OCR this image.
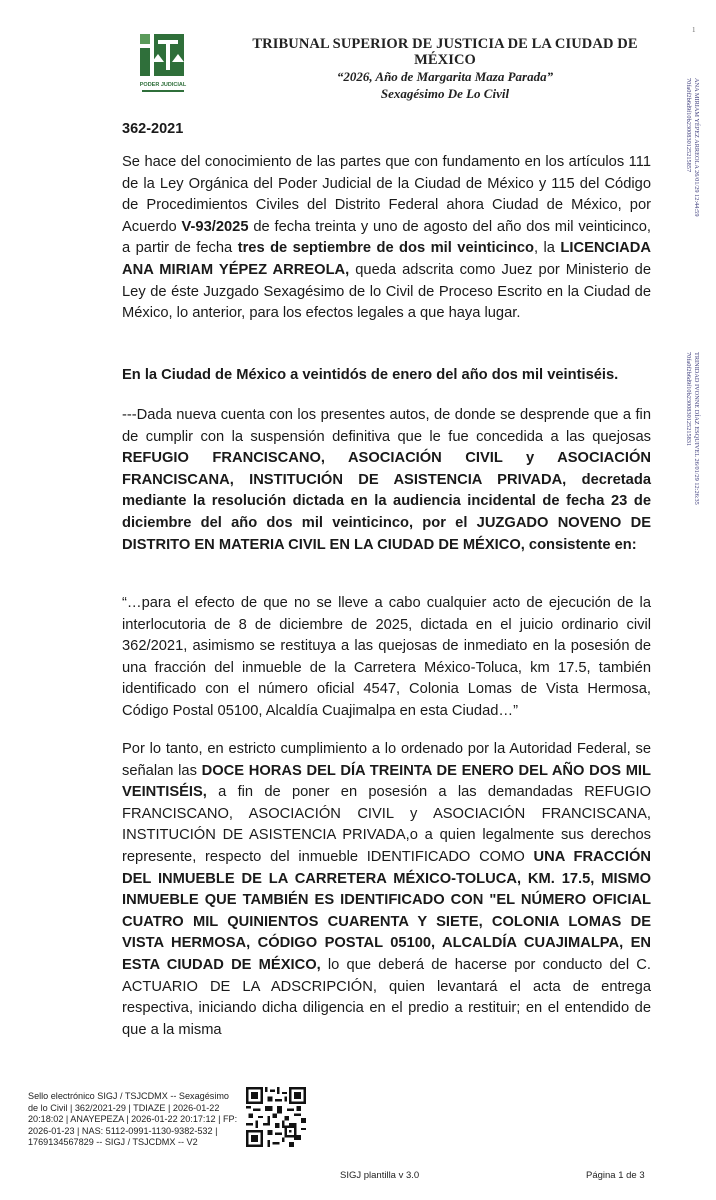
PODER JUDICIAL
1
TRIBUNAL SUPERIOR DE JUSTICIA DE LA CIUDAD DE MÉXICO
“2026, Año de Margarita Maza Parada”
Sexagésimo De Lo Civil	ANA MIRIAM YÉPEZ ARREOLA 26/01/29 12:44:59
70fa0f2b6d9f10b2300830125215857
TRINIDAD IVONNE DÍAZ ESQUIVEL 26/01/29 12:26:35
70fa0f2b6d9f10b2300830125215831
362-2021
Se hace del conocimiento de las partes que con fundamento en los artículos 111 de la Ley Orgánica del Poder Judicial de la Ciudad de México y 115 del Código de Procedimientos Civiles del Distrito Federal ahora Ciudad de México, por Acuerdo V-93/2025 de fecha treinta y uno de agosto del año dos mil veinticinco, a partir de fecha tres de septiembre de dos mil veinticinco, la LICENCIADA ANA MIRIAM YÉPEZ ARREOLA, queda adscrita como Juez por Ministerio de Ley de éste Juzgado Sexagésimo de lo Civil de Proceso Escrito en la Ciudad de México, lo anterior, para los efectos legales a que haya lugar.
En la Ciudad de México a veintidós de enero del año dos mil veintiséis.
---Dada nueva cuenta con los presentes autos, de donde se desprende que a fin de cumplir con la suspensión definitiva que le fue concedida a las quejosas REFUGIO FRANCISCANO, ASOCIACIÓN CIVIL y ASOCIACIÓN FRANCISCANA, INSTITUCIÓN DE ASISTENCIA PRIVADA, decretada mediante la resolución dictada en la audiencia incidental de fecha 23 de diciembre del año dos mil veinticinco, por el JUZGADO NOVENO DE DISTRITO EN MATERIA CIVIL EN LA CIUDAD DE MÉXICO, consistente en:
“…para el efecto de que no se lleve a cabo cualquier acto de ejecución de la interlocutoria de 8 de diciembre de 2025, dictada en el juicio ordinario civil 362/2021, asimismo se restituya a las quejosas de inmediato en la posesión de una fracción del inmueble de la Carretera México-Toluca, km 17.5, también identificado con el número oficial 4547, Colonia Lomas de Vista Hermosa, Código Postal 05100, Alcaldía Cuajimalpa en esta Ciudad…”
Por lo tanto, en estricto cumplimiento a lo ordenado por la Autoridad Federal, se señalan las DOCE HORAS DEL DÍA TREINTA DE ENERO DEL AÑO DOS MIL VEINTISÉIS, a fin de poner en posesión a las demandadas REFUGIO FRANCISCANO, ASOCIACIÓN CIVIL y ASOCIACIÓN FRANCISCANA, INSTITUCIÓN DE ASISTENCIA PRIVADA,o a quien legalmente sus derechos represente, respecto del inmueble IDENTIFICADO COMO UNA FRACCIÓN DEL INMUEBLE DE LA CARRETERA MÉXICO-TOLUCA, KM. 17.5, MISMO INMUEBLE QUE TAMBIÉN ES IDENTIFICADO CON "EL NÚMERO OFICIAL CUATRO MIL QUINIENTOS CUARENTA Y SIETE, COLONIA LOMAS DE VISTA HERMOSA, CÓDIGO POSTAL 05100, ALCALDÍA CUAJIMALPA, EN ESTA CIUDAD DE MÉXICO, lo que deberá de hacerse por conducto del C. ACTUARIO DE LA ADSCRIPCIÓN, quien levantará el acta de entrega respectiva, iniciando dicha diligencia en el predio a restituir; en el entendido de que a la misma
Sello electrónico SIGJ / TSJCDMX -- Sexagésimo de lo Civil | 362/2021-29 | TDIAZE | 2026-01-22 20:18:02 | ANAYEPEZA | 2026-01-22 20:17:12 | FP: 2026-01-23 | NAS: 5112-0991-1130-9382-532 | 1769134567829 -- SIGJ / TSJCDMX -- V2
SIGJ plantilla v 3.0	Página 1 de 3
